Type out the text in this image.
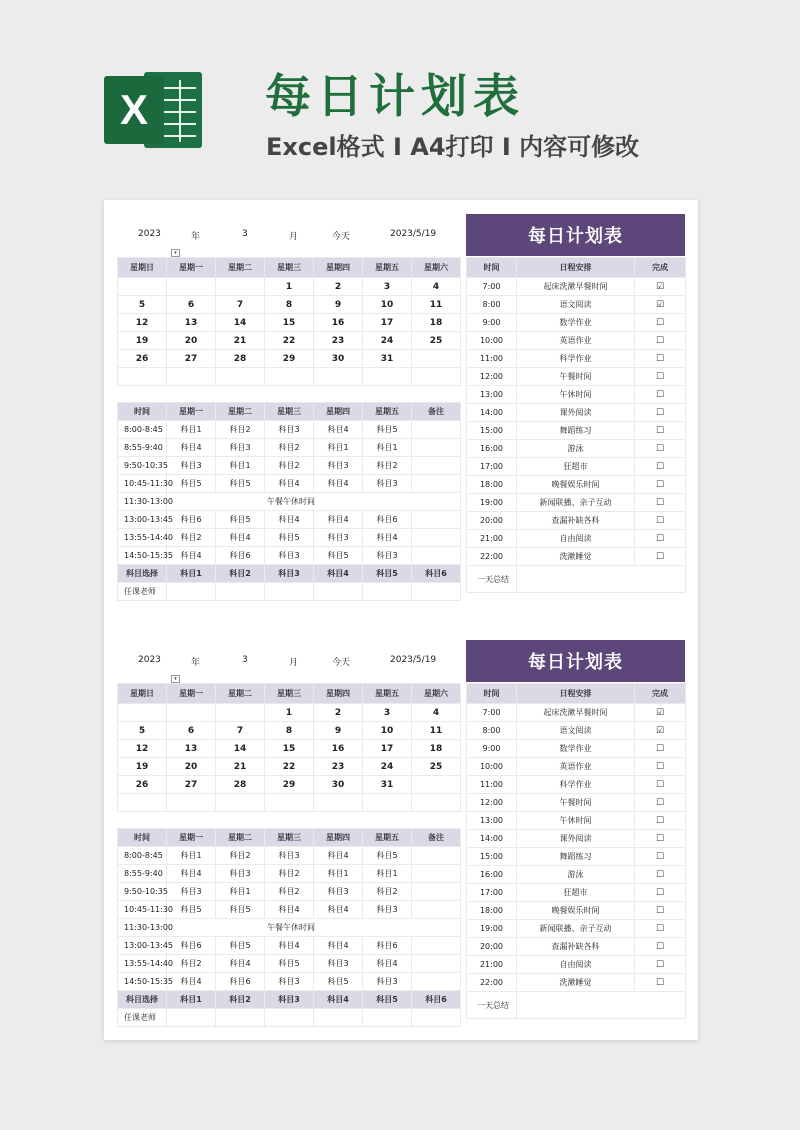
X	每日计划表
Excel格式 I A4打印 I 内容可修改
2023	年	3	月	今天	2023/5/19
▾
星期日	星期一	星期二	星期三	星期四	星期五	星期六
			1	2	3	4
5	6	7	8	9	10	11
12	13	14	15	16	17	18
19	20	21	22	23	24	25
26	27	28	29	30	31	

时间	星期一	星期二	星期三	星期四	星期五	备注
8:00-8:45	科目1	科目2	科目3	科目4	科目5	
8:55-9:40	科目4	科目3	科目2	科目1	科目1	
9:50-10:35	科目3	科目1	科目2	科目3	科目2	
10:45-11:30	科目5	科目5	科目4	科目4	科目3	
11:30-13:00	午餐午休时间					
13:00-13:45	科目6	科目5	科目4	科目4	科目6	
13:55-14:40	科目2	科目4	科目5	科目3	科目4	
14:50-15:35	科目4	科目6	科目3	科目5	科目3	
科目选择	科目1	科目2	科目3	科目4	科目5	科目6
任课老师						
每日计划表
时间	日程安排	完成
7:00	起床洗漱早餐时间	☑
8:00	语文阅读	☑
9:00	数学作业	☐
10:00	英语作业	☐
11:00	科学作业	☐
12:00	午餐时间	☐
13:00	午休时间	☐
14:00	课外阅读	☐
15:00	舞蹈练习	☐
16:00	游泳	☐
17:00	狂超市	☐
18:00	晚餐娱乐时间	☐
19:00	新闻联播、亲子互动	☐
20:00	查漏补缺各科	☐
21:00	自由阅读	☐
22:00	洗漱睡觉	☐
一天总结		
2023	年	3	月	今天	2023/5/19
▾
星期日	星期一	星期二	星期三	星期四	星期五	星期六
			1	2	3	4
5	6	7	8	9	10	11
12	13	14	15	16	17	18
19	20	21	22	23	24	25
26	27	28	29	30	31	

时间	星期一	星期二	星期三	星期四	星期五	备注
8:00-8:45	科目1	科目2	科目3	科目4	科目5	
8:55-9:40	科目4	科目3	科目2	科目1	科目1	
9:50-10:35	科目3	科目1	科目2	科目3	科目2	
10:45-11:30	科目5	科目5	科目4	科目4	科目3	
11:30-13:00	午餐午休时间					
13:00-13:45	科目6	科目5	科目4	科目4	科目6	
13:55-14:40	科目2	科目4	科目5	科目3	科目4	
14:50-15:35	科目4	科目6	科目3	科目5	科目3	
科目选择	科目1	科目2	科目3	科目4	科目5	科目6
任课老师						
每日计划表
时间	日程安排	完成
7:00	起床洗漱早餐时间	☑
8:00	语文阅读	☑
9:00	数学作业	☐
10:00	英语作业	☐
11:00	科学作业	☐
12:00	午餐时间	☐
13:00	午休时间	☐
14:00	课外阅读	☐
15:00	舞蹈练习	☐
16:00	游泳	☐
17:00	狂超市	☐
18:00	晚餐娱乐时间	☐
19:00	新闻联播、亲子互动	☐
20:00	查漏补缺各科	☐
21:00	自由阅读	☐
22:00	洗漱睡觉	☐
一天总结		
